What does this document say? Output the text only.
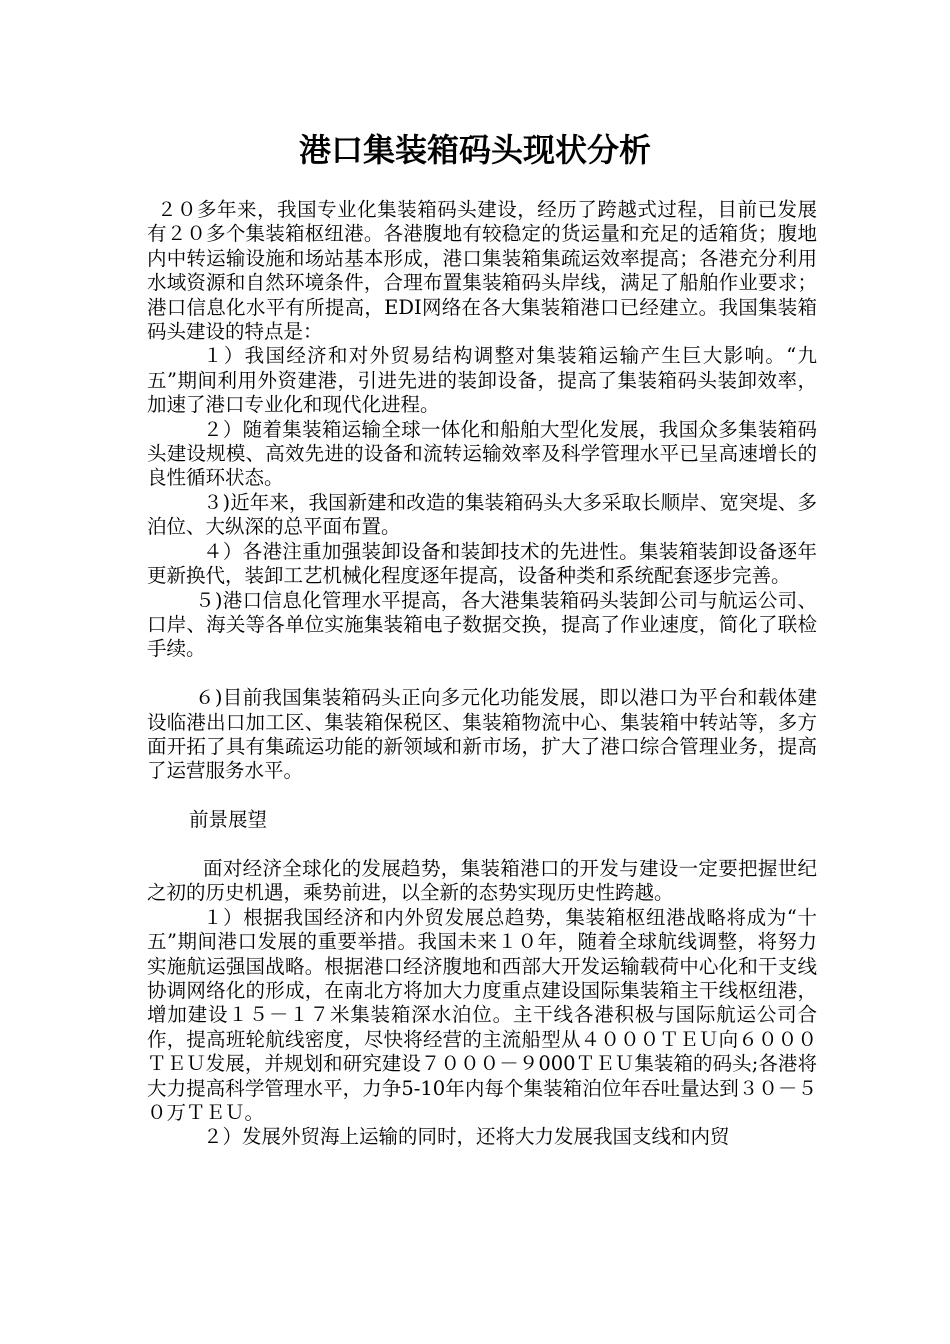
港口集装箱码头现状分析

２０多年来，我国专业化集装箱码头建设，经历了跨越式过程，目前已发展有２０多个集装箱枢纽港。各港腹地有较稳定的货运量和充足的适箱货；腹地内中转运输设施和场站基本形成，港口集装箱集疏运效率提高；各港充分利用水域资源和自然环境条件，合理布置集装箱码头岸线，满足了船舶作业要求；港口信息化水平有所提高，EDI网络在各大集装箱港口已经建立。我国集装箱码头建设的特点是：

１）我国经济和对外贸易结构调整对集装箱运输产生巨大影响。“九五”期间利用外资建港，引进先进的装卸设备，提高了集装箱码头装卸效率，加速了港口专业化和现代化进程。

２）随着集装箱运输全球一体化和船舶大型化发展，我国众多集装箱码头建设规模、高效先进的设备和流转运输效率及科学管理水平已呈高速增长的良性循环状态。

３)近年来，我国新建和改造的集装箱码头大多采取长顺岸、宽突堤、多泊位、大纵深的总平面布置。

４）各港注重加强装卸设备和装卸技术的先进性。集装箱装卸设备逐年更新换代，装卸工艺机械化程度逐年提高，设备种类和系统配套逐步完善。

５)港口信息化管理水平提高，各大港集装箱码头装卸公司与航运公司、口岸、海关等各单位实施集装箱电子数据交换，提高了作业速度，简化了联检手续。

６)目前我国集装箱码头正向多元化功能发展，即以港口为平台和载体建设临港出口加工区、集装箱保税区、集装箱物流中心、集装箱中转站等，多方面开拓了具有集疏运功能的新领域和新市场，扩大了港口综合管理业务，提高了运营服务水平。

前景展望

面对经济全球化的发展趋势，集装箱港口的开发与建设一定要把握世纪之初的历史机遇，乘势前进，以全新的态势实现历史性跨越。

１）根据我国经济和内外贸发展总趋势，集装箱枢纽港战略将成为“十五”期间港口发展的重要举措。我国未来１０年，随着全球航线调整，将努力实施航运强国战略。根据港口经济腹地和西部大开发运输载荷中心化和干支线协调网络化的形成，在南北方将加大力度重点建设国际集装箱主干线枢纽港，增加建设１５－１７米集装箱深水泊位。主干线各港积极与国际航运公司合作，提高班轮航线密度，尽快将经营的主流船型从４０００ＴＥＵ向６０００ＴＥＵ发展，并规划和研究建设７０００－９000ＴＥＵ集装箱的码头;各港将大力提高科学管理水平，力争5-10年内每个集装箱泊位年吞吐量达到３０－５０万ＴＥＵ。

２）发展外贸海上运输的同时，还将大力发展我国支线和内贸
